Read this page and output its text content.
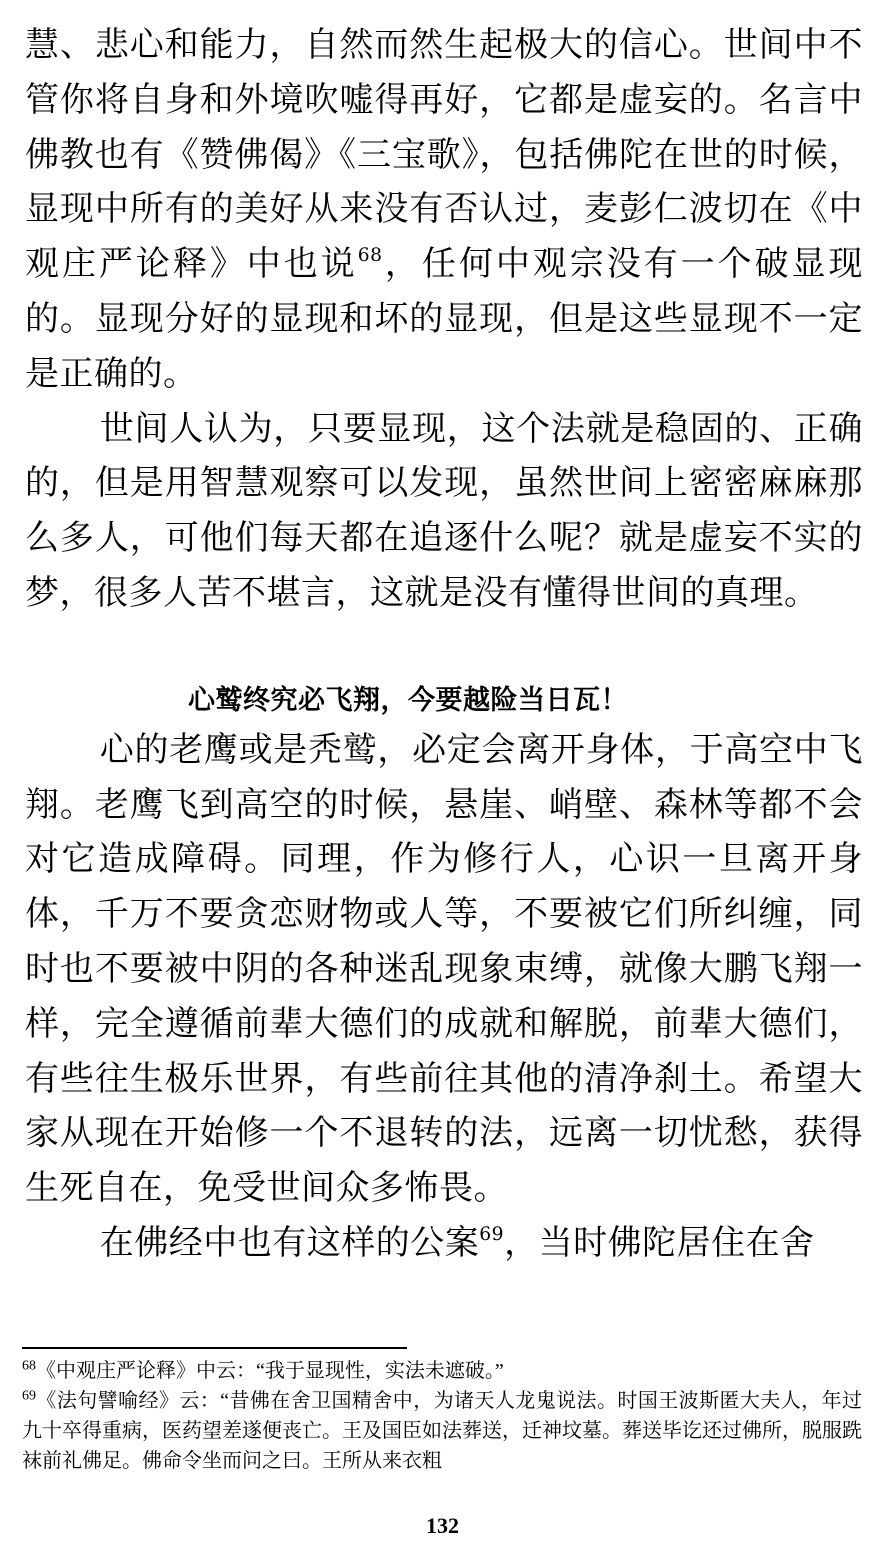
慧、悲心和能力，自然而然生起极大的信心。世间中不管你将自身和外境吹嘘得再好，它都是虚妄的。名言中佛教也有《赞佛偈》《三宝歌》，包括佛陀在世的时候，显现中所有的美好从来没有否认过，麦彭仁波切在《中观庄严论释》中也说$^{68}$，任何中观宗没有一个破显现的。显现分好的显现和坏的显现，但是这些显现不一定是正确的。

世间人认为，只要显现，这个法就是稳固的、正确的，但是用智慧观察可以发现，虽然世间上密密麻麻那么多人，可他们每天都在追逐什么呢？就是虚妄不实的梦，很多人苦不堪言，这就是没有懂得世间的真理。

心鹫终究必飞翔，今要越险当日瓦！

心的老鹰或是秃鹫，必定会离开身体，于高空中飞翔。老鹰飞到高空的时候，悬崖、峭壁、森林等都不会对它造成障碍。同理，作为修行人，心识一旦离开身体，千万不要贪恋财物或人等，不要被它们所纠缠，同时也不要被中阴的各种迷乱现象束缚，就像大鹏飞翔一样，完全遵循前辈大德们的成就和解脱，前辈大德们，有些往生极乐世界，有些前往其他的清净刹土。希望大家从现在开始修一个不退转的法，远离一切忧愁，获得生死自在，免受世间众多怖畏。

在佛经中也有这样的公案$^{69}$，当时佛陀居住在舍

$^{68}$《中观庄严论释》中云：“我于显现性，实法未遮破。”

$^{69}$《法句譬喻经》云：“昔佛在舍卫国精舍中，为诸天人龙鬼说法。时国王波斯匿大夫人，年过九十卒得重病，医药望差遂便丧亡。王及国臣如法葬送，迁神坟墓。葬送毕讫还过佛所，脱服跣袜前礼佛足。佛命令坐而问之曰。王所从来衣粗

132
